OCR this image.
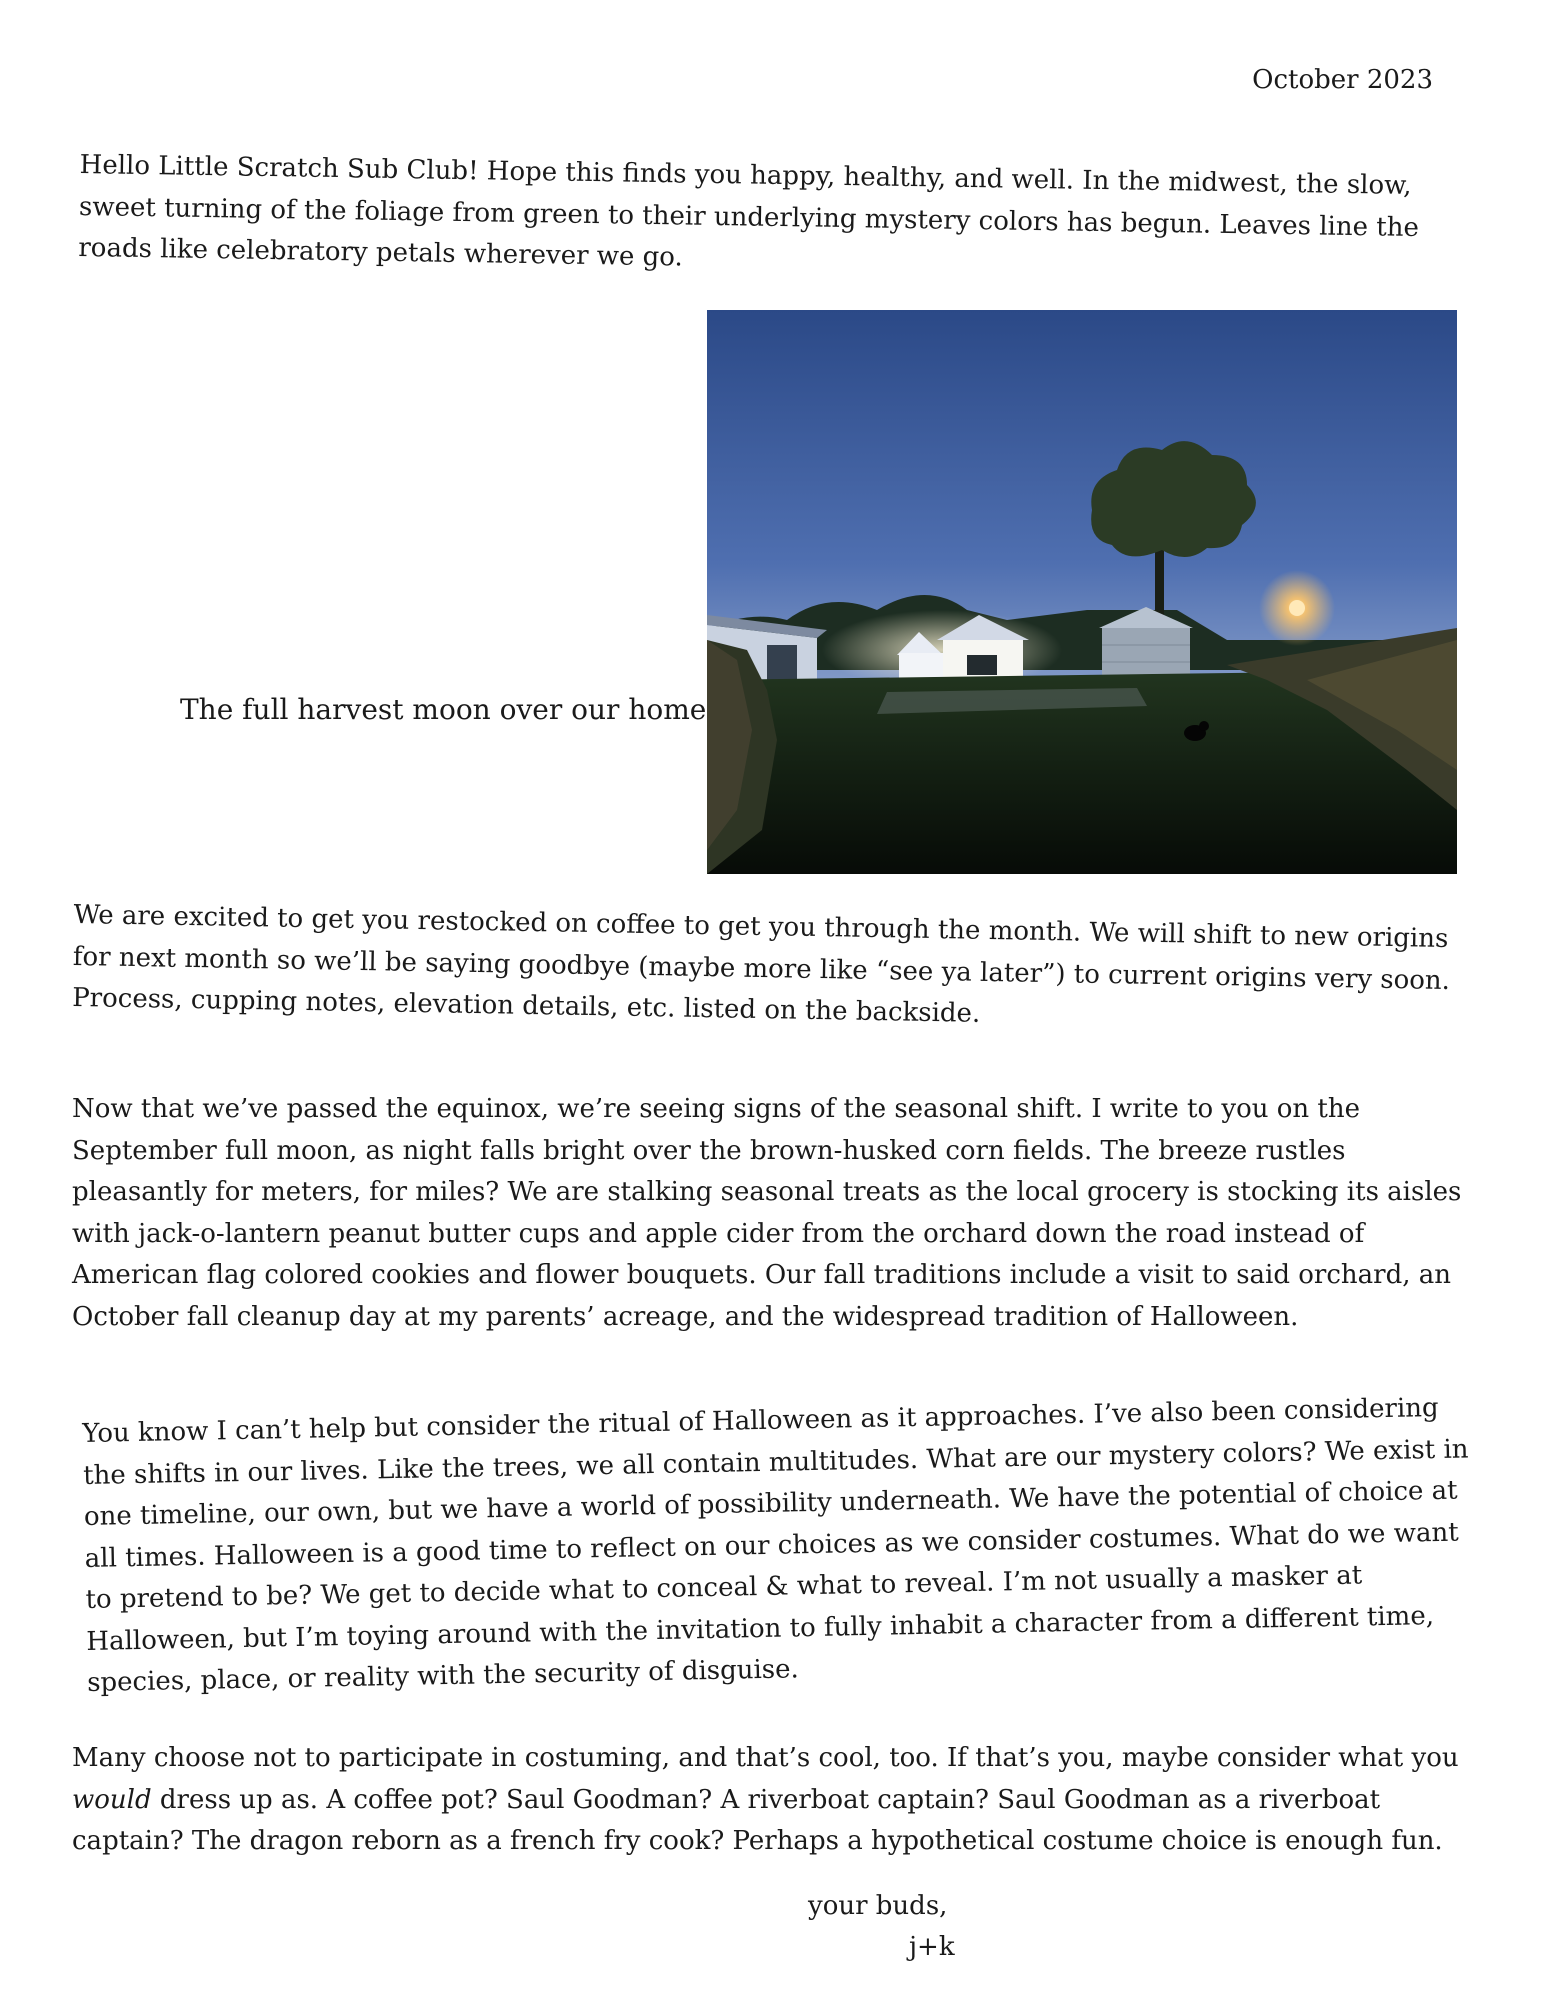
October 2023

Hello Little Scratch Sub Club! Hope this finds you happy, healthy, and well. In the midwest, the slow, sweet turning of the foliage from green to their underlying mystery colors has begun. Leaves line the roads like celebratory petals wherever we go.

The full harvest moon over our home

We are excited to get you restocked on coffee to get you through the month. We will shift to new origins for next month so we’ll be saying goodbye (maybe more like “see ya later”) to current origins very soon. Process, cupping notes, elevation details, etc. listed on the backside.

Now that we’ve passed the equinox, we’re seeing signs of the seasonal shift. I write to you on the September full moon, as night falls bright over the brown-husked corn fields. The breeze rustles pleasantly for meters, for miles? We are stalking seasonal treats as the local grocery is stocking its aisles with jack-o-lantern peanut butter cups and apple cider from the orchard down the road instead of American flag colored cookies and flower bouquets. Our fall traditions include a visit to said orchard, an October fall cleanup day at my parents’ acreage, and the widespread tradition of Halloween.

You know I can’t help but consider the ritual of Halloween as it approaches. I’ve also been considering the shifts in our lives. Like the trees, we all contain multitudes. What are our mystery colors? We exist in one timeline, our own, but we have a world of possibility underneath. We have the potential of choice at all times. Halloween is a good time to reflect on our choices as we consider costumes. What do we want to pretend to be? We get to decide what to conceal & what to reveal. I’m not usually a masker at Halloween, but I’m toying around with the invitation to fully inhabit a character from a different time, species, place, or reality with the security of disguise.

Many choose not to participate in costuming, and that’s cool, too. If that’s you, maybe consider what you would dress up as. A coffee pot? Saul Goodman? A riverboat captain? Saul Goodman as a riverboat captain? The dragon reborn as a french fry cook? Perhaps a hypothetical costume choice is enough fun.

your buds,
j+k
